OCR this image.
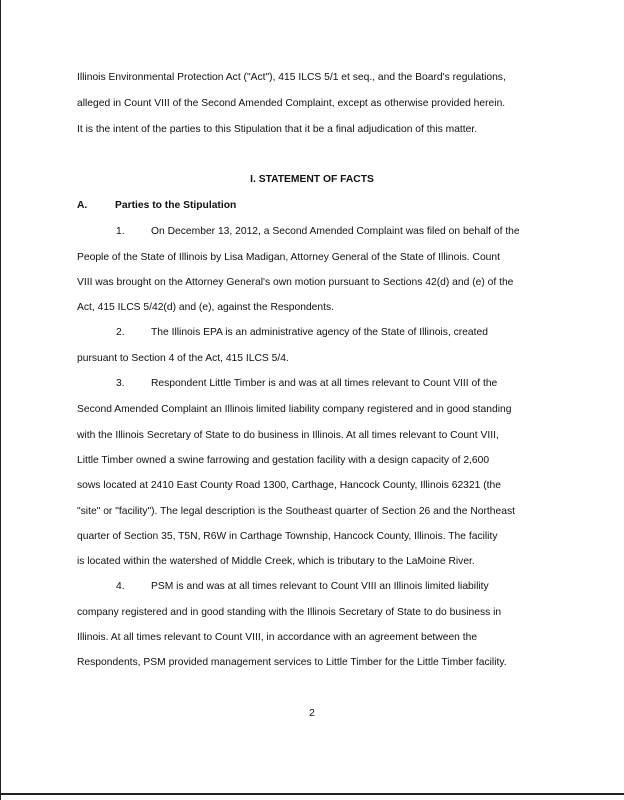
Illinois Environmental Protection Act ("Act"), 415 ILCS 5/1 et seq., and the Board's regulations,
alleged in Count VIII of the Second Amended Complaint, except as otherwise provided herein.
It is the intent of the parties to this Stipulation that it be a final adjudication of this matter.
I. STATEMENT OF FACTS
A.	Parties to the Stipulation
1.	On December 13, 2012, a Second Amended Complaint was filed on behalf of the
People of the State of Illinois by Lisa Madigan, Attorney General of the State of Illinois. Count
VIII was brought on the Attorney General's own motion pursuant to Sections 42(d) and (e) of the
Act, 415 ILCS 5/42(d) and (e), against the Respondents.
2.	The Illinois EPA is an administrative agency of the State of Illinois, created
pursuant to Section 4 of the Act, 415 ILCS 5/4.
3.	Respondent Little Timber is and was at all times relevant to Count VIII of the
Second Amended Complaint an Illinois limited liability company registered and in good standing
with the Illinois Secretary of State to do business in Illinois. At all times relevant to Count VIII,
Little Timber owned a swine farrowing and gestation facility with a design capacity of 2,600
sows located at 2410 East County Road 1300, Carthage, Hancock County, Illinois 62321 (the
"site" or "facility"). The legal description is the Southeast quarter of Section 26 and the Northeast
quarter of Section 35, T5N, R6W in Carthage Township, Hancock County, Illinois. The facility
is located within the watershed of Middle Creek, which is tributary to the LaMoine River.
4.	PSM is and was at all times relevant to Count VIII an Illinois limited liability
company registered and in good standing with the Illinois Secretary of State to do business in
Illinois. At all times relevant to Count VIII, in accordance with an agreement between the
Respondents, PSM provided management services to Little Timber for the Little Timber facility.
2
